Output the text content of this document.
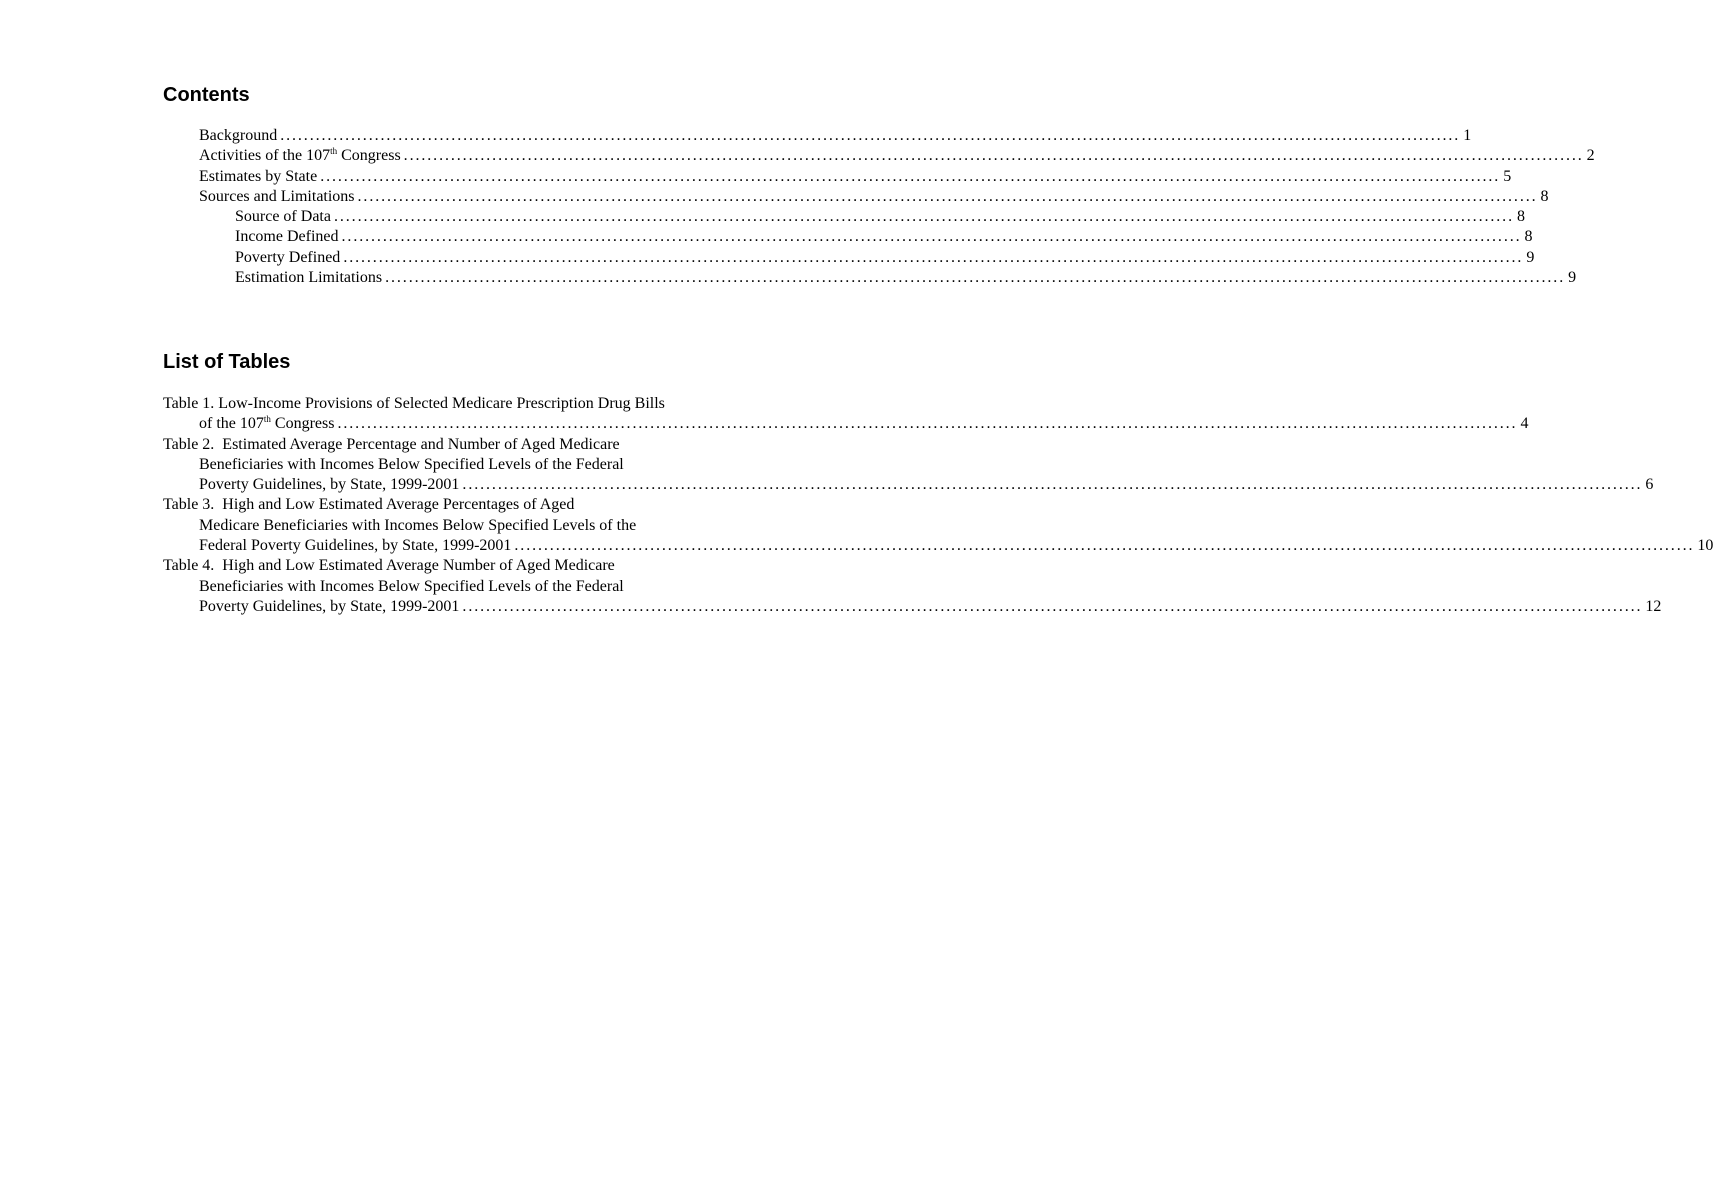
Contents
Background ........................................................................................................................................................................................................ 1
Activities of the 107th Congress ........................................................................................................................................................................................................ 2
Estimates by State ........................................................................................................................................................................................................ 5
Sources and Limitations ........................................................................................................................................................................................................ 8
Source of Data ........................................................................................................................................................................................................ 8
Income Defined ........................................................................................................................................................................................................ 8
Poverty Defined ........................................................................................................................................................................................................ 9
Estimation Limitations ........................................................................................................................................................................................................ 9
List of Tables
Table 1. Low-Income Provisions of Selected Medicare Prescription Drug Bills
of the 107th Congress ........................................................................................................................................................................................................ 4
Table 2.  Estimated Average Percentage and Number of Aged Medicare
Beneficiaries with Incomes Below Specified Levels of the Federal
Poverty Guidelines, by State, 1999-2001 ........................................................................................................................................................................................................ 6
Table 3.  High and Low Estimated Average Percentages of Aged
Medicare Beneficiaries with Incomes Below Specified Levels of the
Federal Poverty Guidelines, by State, 1999-2001 ........................................................................................................................................................................................................ 10
Table 4.  High and Low Estimated Average Number of Aged Medicare
Beneficiaries with Incomes Below Specified Levels of the Federal
Poverty Guidelines, by State, 1999-2001 ........................................................................................................................................................................................................ 12
